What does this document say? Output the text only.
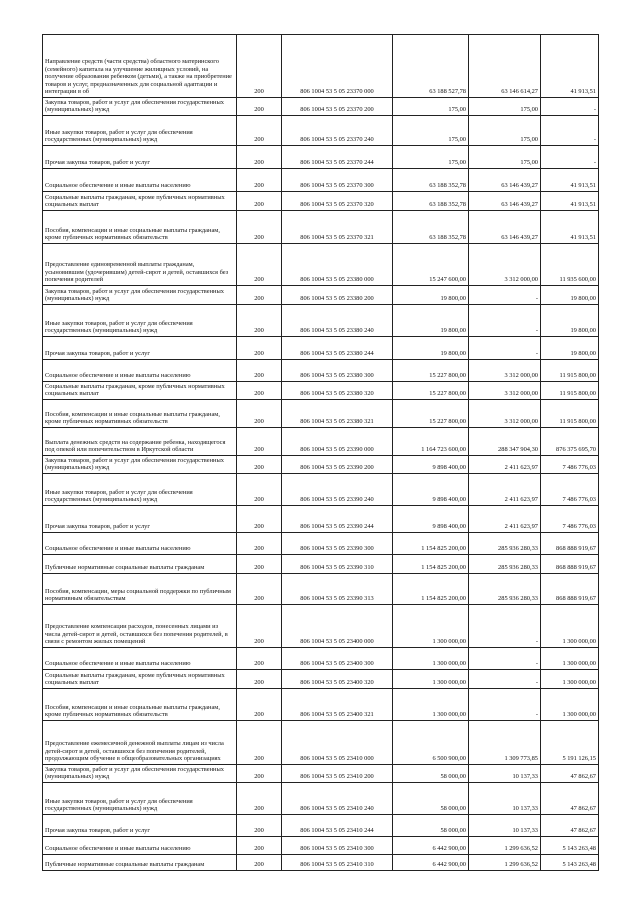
Направление средств (части средства) областного материнского (семейного) капитала на улучшение жилищных условий, на получение образования ребенком (детьми), а также на приобретение товаров и услуг, предназначенных для социальной адаптации и интеграции в об	200	806 1004 53 5 05 23370 000	63 188 527,78	63 146 614,27	41 913,51
Закупка товаров, работ и услуг для обеспечения государственных (муниципальных) нужд	200	806 1004 53 5 05 23370 200	175,00	175,00	-
Иные закупки товаров, работ и услуг для обеспечения государственных (муниципальных) нужд	200	806 1004 53 5 05 23370 240	175,00	175,00	-
Прочая закупка товаров, работ и услуг	200	806 1004 53 5 05 23370 244	175,00	175,00	-
Социальное обеспечение и иные выплаты населению	200	806 1004 53 5 05 23370 300	63 188 352,78	63 146 439,27	41 913,51
Социальные выплаты гражданам, кроме публичных нормативных социальных выплат	200	806 1004 53 5 05 23370 320	63 188 352,78	63 146 439,27	41 913,51
Пособия, компенсации и иные социальные выплаты гражданам, кроме публичных нормативных обязательств	200	806 1004 53 5 05 23370 321	63 188 352,78	63 146 439,27	41 913,51
Предоставление единовременной выплаты гражданам, усыновившим (удочерившим) детей-сирот и детей, оставшихся без попечения родителей	200	806 1004 53 5 05 23380 000	15 247 600,00	3 312 000,00	11 935 600,00
Закупка товаров, работ и услуг для обеспечения государственных (муниципальных) нужд	200	806 1004 53 5 05 23380 200	19 800,00	-	19 800,00
Иные закупки товаров, работ и услуг для обеспечения государственных (муниципальных) нужд	200	806 1004 53 5 05 23380 240	19 800,00	-	19 800,00
Прочая закупка товаров, работ и услуг	200	806 1004 53 5 05 23380 244	19 800,00	-	19 800,00
Социальное обеспечение и иные выплаты населению	200	806 1004 53 5 05 23380 300	15 227 800,00	3 312 000,00	11 915 800,00
Социальные выплаты гражданам, кроме публичных нормативных социальных выплат	200	806 1004 53 5 05 23380 320	15 227 800,00	3 312 000,00	11 915 800,00
Пособия, компенсации и иные социальные выплаты гражданам, кроме публичных нормативных обязательств	200	806 1004 53 5 05 23380 321	15 227 800,00	3 312 000,00	11 915 800,00
Выплата денежных средств на содержание ребенка, находящегося под опекой или попечительством в Иркутской области	200	806 1004 53 5 05 23390 000	1 164 723 600,00	288 347 904,30	876 375 695,70
Закупка товаров, работ и услуг для обеспечения государственных (муниципальных) нужд	200	806 1004 53 5 05 23390 200	9 898 400,00	2 411 623,97	7 486 776,03
Иные закупки товаров, работ и услуг для обеспечения государственных (муниципальных) нужд	200	806 1004 53 5 05 23390 240	9 898 400,00	2 411 623,97	7 486 776,03
Прочая закупка товаров, работ и услуг	200	806 1004 53 5 05 23390 244	9 898 400,00	2 411 623,97	7 486 776,03
Социальное обеспечение и иные выплаты населению	200	806 1004 53 5 05 23390 300	1 154 825 200,00	285 936 280,33	868 888 919,67
Публичные нормативные социальные выплаты гражданам	200	806 1004 53 5 05 23390 310	1 154 825 200,00	285 936 280,33	868 888 919,67
Пособия, компенсации, меры социальной поддержки по публичным нормативным обязательствам	200	806 1004 53 5 05 23390 313	1 154 825 200,00	285 936 280,33	868 888 919,67
Предоставление компенсации расходов, понесенных лицами из числа детей-сирот и детей, оставшихся без попечения родителей, в связи с ремонтом жилых помещений	200	806 1004 53 5 05 23400 000	1 300 000,00	-	1 300 000,00
Социальное обеспечение и иные выплаты населению	200	806 1004 53 5 05 23400 300	1 300 000,00	-	1 300 000,00
Социальные выплаты гражданам, кроме публичных нормативных социальных выплат	200	806 1004 53 5 05 23400 320	1 300 000,00	-	1 300 000,00
Пособия, компенсации и иные социальные выплаты гражданам, кроме публичных нормативных обязательств	200	806 1004 53 5 05 23400 321	1 300 000,00	-	1 300 000,00
Предоставление ежемесячной денежной выплаты лицам из числа детей-сирот и детей, оставшихся без попечения родителей, продолжающим обучение в общеобразовательных организациях	200	806 1004 53 5 05 23410 000	6 500 900,00	1 309 773,85	5 191 126,15
Закупка товаров, работ и услуг для обеспечения государственных (муниципальных) нужд	200	806 1004 53 5 05 23410 200	58 000,00	10 137,33	47 862,67
Иные закупки товаров, работ и услуг для обеспечения государственных (муниципальных) нужд	200	806 1004 53 5 05 23410 240	58 000,00	10 137,33	47 862,67
Прочая закупка товаров, работ и услуг	200	806 1004 53 5 05 23410 244	58 000,00	10 137,33	47 862,67
Социальное обеспечение и иные выплаты населению	200	806 1004 53 5 05 23410 300	6 442 900,00	1 299 636,52	5 143 263,48
Публичные нормативные социальные выплаты гражданам	200	806 1004 53 5 05 23410 310	6 442 900,00	1 299 636,52	5 143 263,48
